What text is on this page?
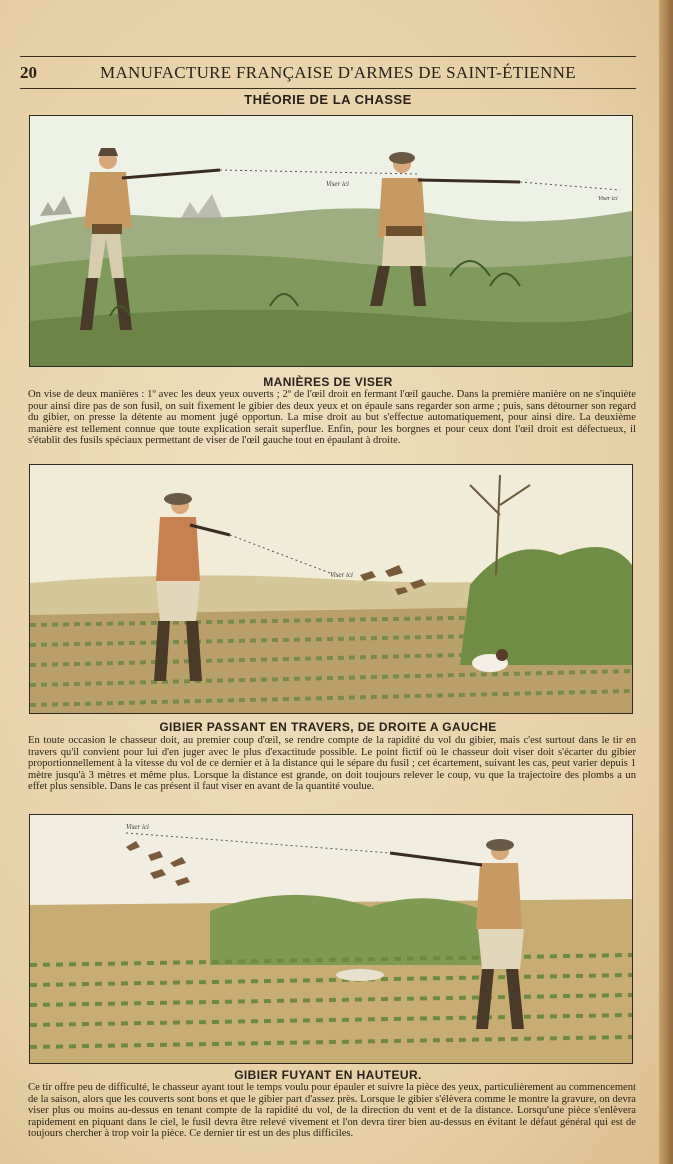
20	MANUFACTURE FRANÇAISE D'ARMES DE SAINT-ÉTIENNE
THÉORIE DE LA CHASSE
Viser ici
Viser ici
MANIÈRES DE VISER
On vise de deux manières : 1º avec les deux yeux ouverts ; 2º de l'œil droit en fermant l'œil gauche. Dans la première manière on ne s'inquiète pour ainsi dire pas de son fusil, on suit fixement le gibier des deux yeux et on épaule sans regarder son arme ; puis, sans détourner son regard du gibier, on presse la détente au moment jugé opportun. La mise droit au but s'effectue automatiquement, pour ainsi dire. La deuxième manière est tellement connue que toute explication serait superflue. Enfin, pour les borgnes et pour ceux dont l'œil droit est défectueux, il s'établit des fusils spéciaux permettant de viser de l'œil gauche tout en épaulant à droite.
Viser ici
GIBIER PASSANT EN TRAVERS, DE DROITE A GAUCHE
En toute occasion le chasseur doit, au premier coup d'œil, se rendre compte de la rapidité du vol du gibier, mais c'est surtout dans le tir en travers qu'il convient pour lui d'en juger avec le plus d'exactitude possible. Le point fictif où le chasseur doit viser doit s'écarter du gibier proportionnellement à la vitesse du vol de ce dernier et à la distance qui le sépare du fusil ; cet écartement, suivant les cas, peut varier depuis 1 mètre jusqu'à 3 mètres et même plus. Lorsque la distance est grande, on doit toujours relever le coup, vu que la trajectoire des plombs a un effet plus sensible. Dans le cas présent il faut viser en avant de la quantité voulue.
Viser ici
GIBIER FUYANT EN HAUTEUR.
Ce tir offre peu de difficulté, le chasseur ayant tout le temps voulu pour épauler et suivre la pièce des yeux, particulièrement au commencement de la saison, alors que les couverts sont bons et que le gibier part d'assez près. Lorsque le gibier s'élèvera comme le montre la gravure, on devra viser plus ou moins au-dessus en tenant compte de la rapidité du vol, de la direction du vent et de la distance. Lorsqu'une pièce s'enlèvera rapidement en piquant dans le ciel, le fusil devra être relevé vivement et l'on devra tirer bien au-dessus en évitant le défaut général qui est de toujours chercher à trop voir la pièce. Ce dernier tir est un des plus difficiles.
